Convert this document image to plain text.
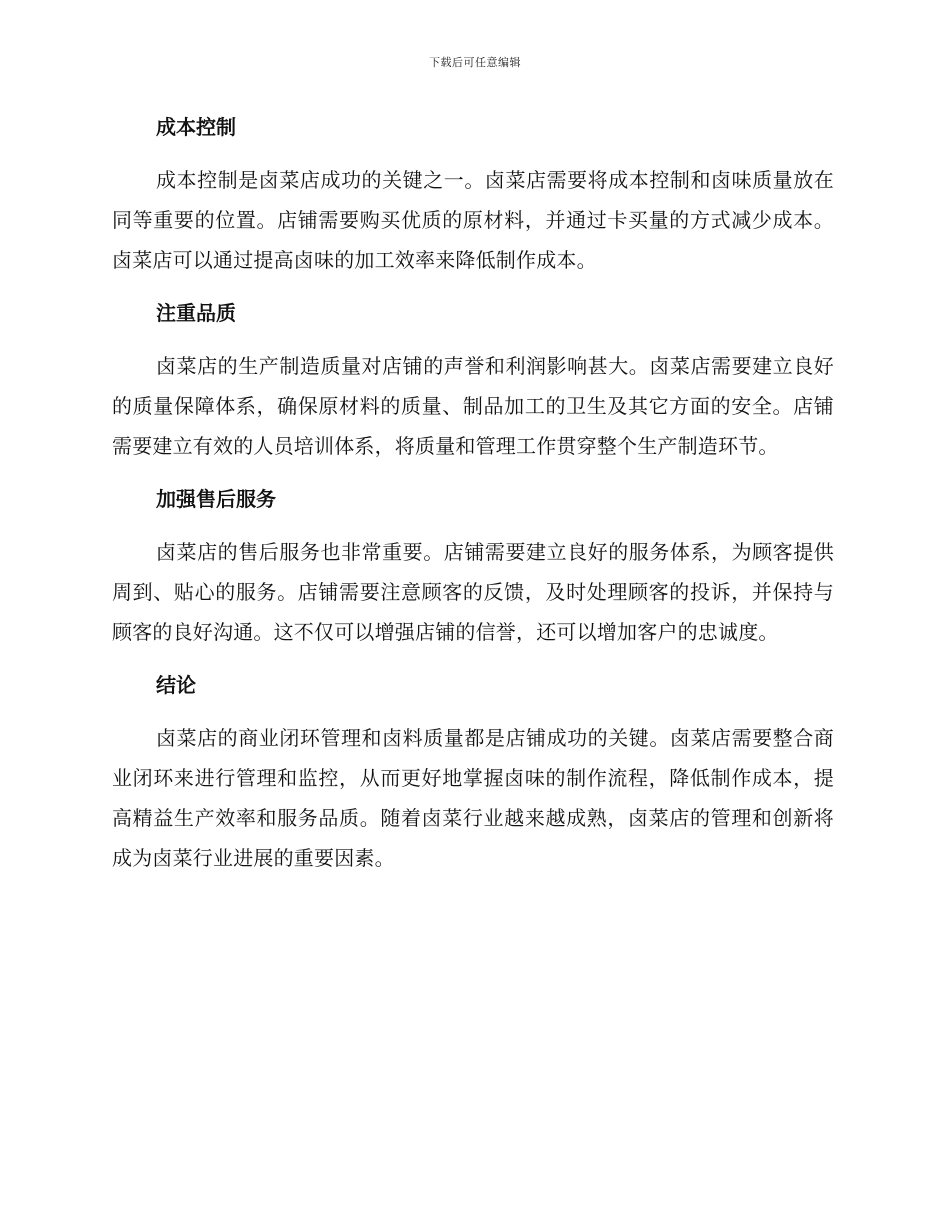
下载后可任意编辑
成本控制

成本控制是卤菜店成功的关键之一。卤菜店需要将成本控制和卤味质量放在同等重要的位置。店铺需要购买优质的原材料，并通过卡买量的方式减少成本。卤菜店可以通过提高卤味的加工效率来降低制作成本。

注重品质

卤菜店的生产制造质量对店铺的声誉和利润影响甚大。卤菜店需要建立良好的质量保障体系，确保原材料的质量、制品加工的卫生及其它方面的安全。店铺需要建立有效的人员培训体系，将质量和管理工作贯穿整个生产制造环节。

加强售后服务

卤菜店的售后服务也非常重要。店铺需要建立良好的服务体系，为顾客提供周到、贴心的服务。店铺需要注意顾客的反馈，及时处理顾客的投诉，并保持与顾客的良好沟通。这不仅可以增强店铺的信誉，还可以增加客户的忠诚度。

结论

卤菜店的商业闭环管理和卤料质量都是店铺成功的关键。卤菜店需要整合商业闭环来进行管理和监控，从而更好地掌握卤味的制作流程，降低制作成本，提高精益生产效率和服务品质。随着卤菜行业越来越成熟，卤菜店的管理和创新将成为卤菜行业进展的重要因素。
